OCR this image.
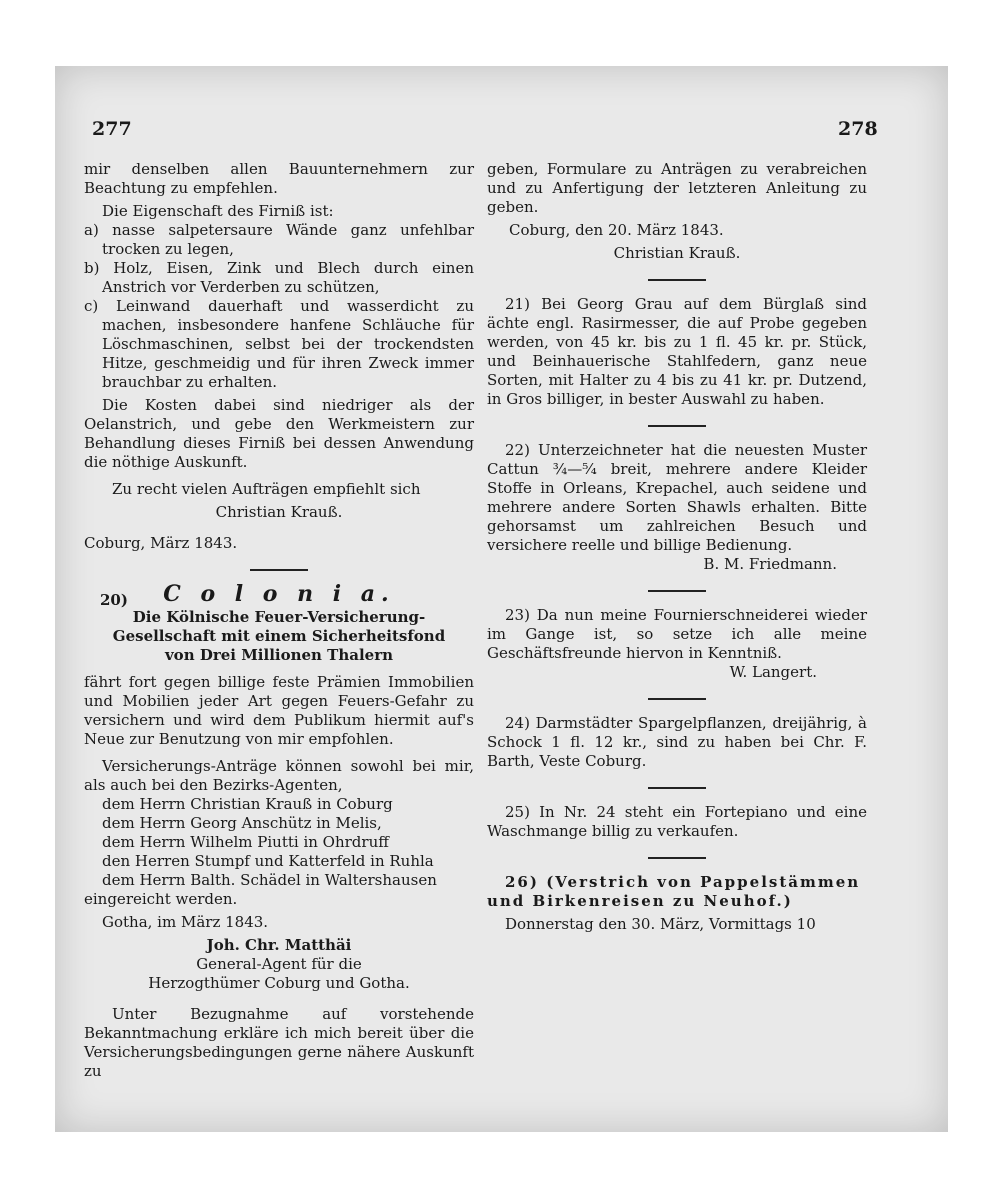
277	278

mir denselben allen Bauunternehmern zur Beachtung zu empfehlen.

Die Eigenschaft des Firniß ist:

a) nasse salpetersaure Wände ganz unfehlbar trocken zu legen,

b) Holz, Eisen, Zink und Blech durch einen Anstrich vor Verderben zu schützen,

c) Leinwand dauerhaft und wasserdicht zu machen, insbesondere hanfene Schläuche für Löschmaschinen, selbst bei der trockendsten Hitze, geschmeidig und für ihren Zweck immer brauchbar zu erhalten.

Die Kosten dabei sind niedriger als der Oelanstrich, und gebe den Werkmeistern zur Behandlung dieses Firniß bei dessen Anwendung die nöthige Auskunft.

Zu recht vielen Aufträgen empfiehlt sich

Christian Krauß.

Coburg, März 1843.

20)	C o l o n i a.

Die Kölnische Feuer-Versicherung-Gesellschaft mit einem Sicherheitsfond von Drei Millionen Thalern

fährt fort gegen billige feste Prämien Immobilien und Mobilien jeder Art gegen Feuers-Gefahr zu versichern und wird dem Publikum hiermit auf's Neue zur Benutzung von mir empfohlen.

Versicherungs-Anträge können sowohl bei mir, als auch bei den Bezirks-Agenten,

dem Herrn Christian Krauß in Coburg

dem Herrn Georg Anschütz in Melis,

dem Herrn Wilhelm Piutti in Ohrdruff

den Herren Stumpf und Katterfeld in Ruhla

dem Herrn Balth. Schädel in Waltershausen

eingereicht werden.

Gotha, im März 1843.

Joh. Chr. Matthäi

General-Agent für die Herzogthümer Coburg und Gotha.

Unter Bezugnahme auf vorstehende Bekanntmachung erkläre ich mich bereit über die Versicherungsbedingungen gerne nähere Auskunft zu

geben, Formulare zu Anträgen zu verabreichen und zu Anfertigung der letzteren Anleitung zu geben.

Coburg, den 20. März 1843.

Christian Krauß.

21) Bei Georg Grau auf dem Bürglaß sind ächte engl. Rasirmesser, die auf Probe gegeben werden, von 45 kr. bis zu 1 fl. 45 kr. pr. Stück, und Beinhauerische Stahlfedern, ganz neue Sorten, mit Halter zu 4 bis zu 41 kr. pr. Dutzend, in Gros billiger, in bester Auswahl zu haben.

22) Unterzeichneter hat die neuesten Muster Cattun ¾—⁵⁄₄ breit, mehrere andere Kleider Stoffe in Orleans, Krepachel, auch seidene und mehrere andere Sorten Shawls erhalten. Bitte gehorsamst um zahlreichen Besuch und versichere reelle und billige Bedienung.

B. M. Friedmann.

23) Da nun meine Fournierschneiderei wieder im Gange ist, so setze ich alle meine Geschäftsfreunde hiervon in Kenntniß.

W. Langert.

24) Darmstädter Spargelpflanzen, dreijährig, à Schock 1 fl. 12 kr., sind zu haben bei Chr. F. Barth, Veste Coburg.

25) In Nr. 24 steht ein Fortepiano und eine Waschmange billig zu verkaufen.

26) (Verstrich von Pappelstämmen und Birkenreisen zu Neuhof.)

Donnerstag den 30. März, Vormittags 10
